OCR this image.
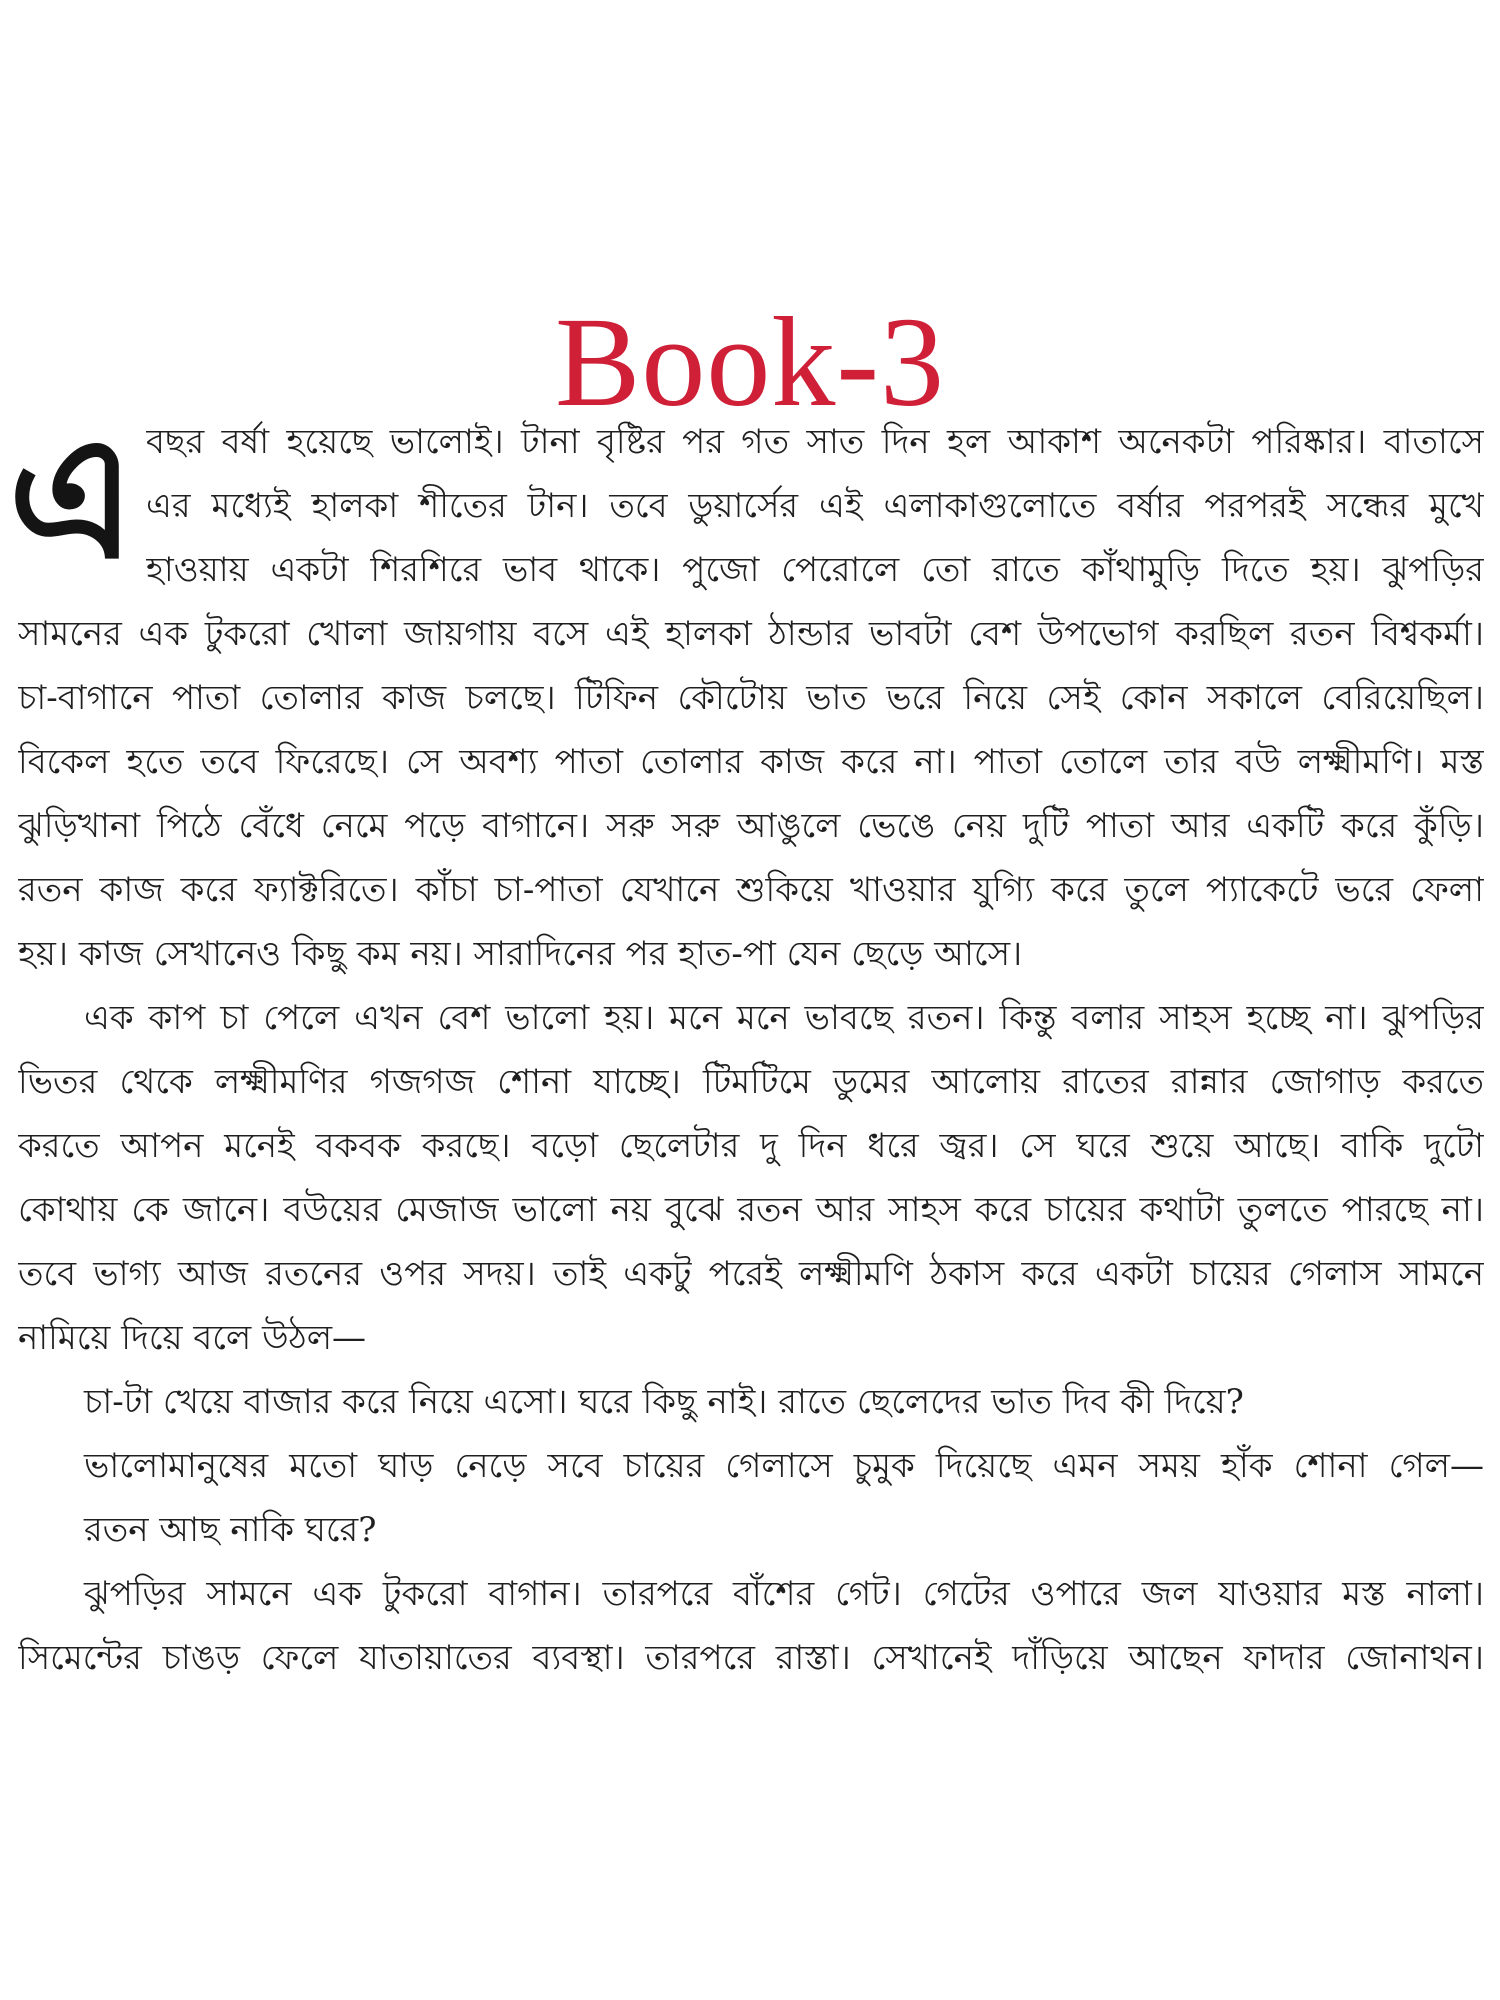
Book-3
এ বছর বর্ষা হয়েছে ভালোই। টানা বৃষ্টির পর গত সাত দিন হল আকাশ অনেকটা পরিষ্কার। বাতাসে
এর মধ্যেই হালকা শীতের টান। তবে ডুয়ার্সের এই এলাকাগুলোতে বর্ষার পরপরই সন্ধের মুখে
হাওয়ায় একটা শিরশিরে ভাব থাকে। পুজো পেরোলে তো রাতে কাঁথামুড়ি দিতে হয়। ঝুপড়ির
সামনের এক টুকরো খোলা জায়গায় বসে এই হালকা ঠান্ডার ভাবটা বেশ উপভোগ করছিল রতন বিশ্বকর্মা।
চা-বাগানে পাতা তোলার কাজ চলছে। টিফিন কৌটোয় ভাত ভরে নিয়ে সেই কোন সকালে বেরিয়েছিল।
বিকেল হতে তবে ফিরেছে। সে অবশ্য পাতা তোলার কাজ করে না। পাতা তোলে তার বউ লক্ষ্মীমণি। মস্ত
ঝুড়িখানা পিঠে বেঁধে নেমে পড়ে বাগানে। সরু সরু আঙুলে ভেঙে নেয় দুটি পাতা আর একটি করে কুঁড়ি।
রতন কাজ করে ফ্যাক্টরিতে। কাঁচা চা-পাতা যেখানে শুকিয়ে খাওয়ার যুগ্যি করে তুলে প্যাকেটে ভরে ফেলা
হয়। কাজ সেখানেও কিছু কম নয়। সারাদিনের পর হাত-পা যেন ছেড়ে আসে।
এক কাপ চা পেলে এখন বেশ ভালো হয়। মনে মনে ভাবছে রতন। কিন্তু বলার সাহস হচ্ছে না। ঝুপড়ির
ভিতর থেকে লক্ষ্মীমণির গজগজ শোনা যাচ্ছে। টিমটিমে ডুমের আলোয় রাতের রান্নার জোগাড় করতে
করতে আপন মনেই বকবক করছে। বড়ো ছেলেটার দু দিন ধরে জ্বর। সে ঘরে শুয়ে আছে। বাকি দুটো
কোথায় কে জানে। বউয়ের মেজাজ ভালো নয় বুঝে রতন আর সাহস করে চায়ের কথাটা তুলতে পারছে না।
তবে ভাগ্য আজ রতনের ওপর সদয়। তাই একটু পরেই লক্ষ্মীমণি ঠকাস করে একটা চায়ের গেলাস সামনে
নামিয়ে দিয়ে বলে উঠল—
চা-টা খেয়ে বাজার করে নিয়ে এসো। ঘরে কিছু নাই। রাতে ছেলেদের ভাত দিব কী দিয়ে?
ভালোমানুষের মতো ঘাড় নেড়ে সবে চায়ের গেলাসে চুমুক দিয়েছে এমন সময় হাঁক শোনা গেল—
রতন আছ নাকি ঘরে?
ঝুপড়ির সামনে এক টুকরো বাগান। তারপরে বাঁশের গেট। গেটের ওপারে জল যাওয়ার মস্ত নালা।
সিমেন্টের চাঙড় ফেলে যাতায়াতের ব্যবস্থা। তারপরে রাস্তা। সেখানেই দাঁড়িয়ে আছেন ফাদার জোনাথন।
